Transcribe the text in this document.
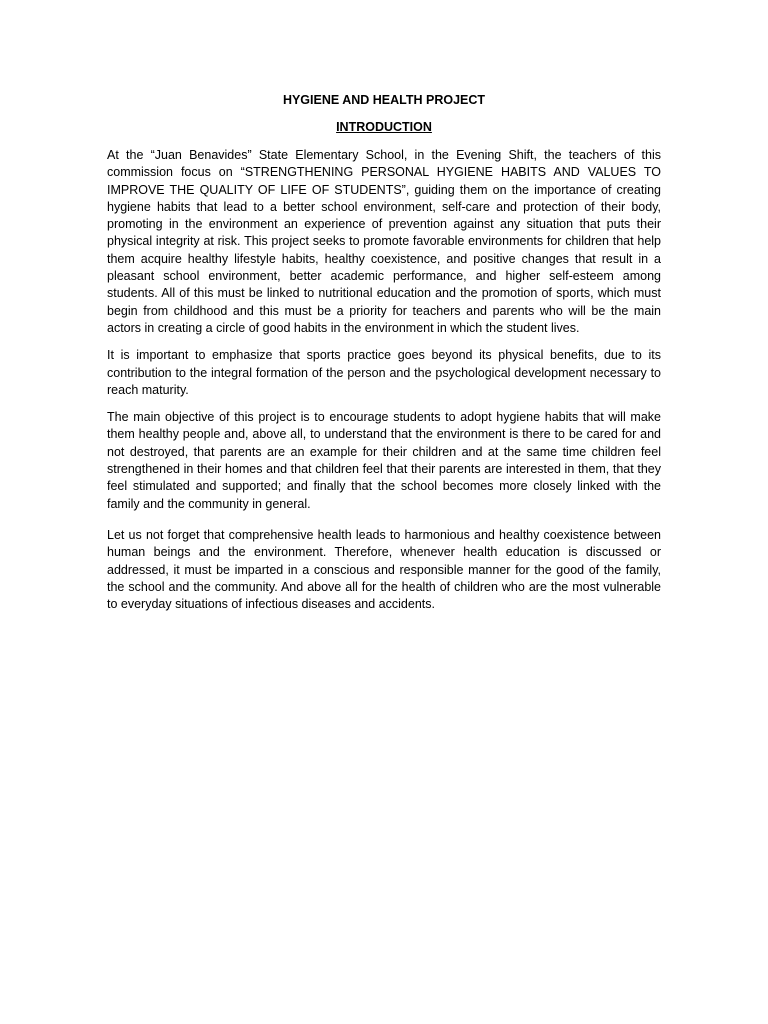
HYGIENE AND HEALTH PROJECT
INTRODUCTION

At the “Juan Benavides” State Elementary School, in the Evening Shift, the teachers of this commission focus on “STRENGTHENING PERSONAL HYGIENE HABITS AND VALUES TO IMPROVE THE QUALITY OF LIFE OF STUDENTS”, guiding them on the importance of creating hygiene habits that lead to a better school environment, self-care and protection of their body, promoting in the environment an experience of prevention against any situation that puts their physical integrity at risk. This project seeks to promote favorable environments for children that help them acquire healthy lifestyle habits, healthy coexistence, and positive changes that result in a pleasant school environment, better academic performance, and higher self-esteem among students. All of this must be linked to nutritional education and the promotion of sports, which must begin from childhood and this must be a priority for teachers and parents who will be the main actors in creating a circle of good habits in the environment in which the student lives.

It is important to emphasize that sports practice goes beyond its physical benefits, due to its contribution to the integral formation of the person and the psychological development necessary to reach maturity.

The main objective of this project is to encourage students to adopt hygiene habits that will make them healthy people and, above all, to understand that the environment is there to be cared for and not destroyed, that parents are an example for their children and at the same time children feel strengthened in their homes and that children feel that their parents are interested in them, that they feel stimulated and supported; and finally that the school becomes more closely linked with the family and the community in general.

Let us not forget that comprehensive health leads to harmonious and healthy coexistence between human beings and the environment. Therefore, whenever health education is discussed or addressed, it must be imparted in a conscious and responsible manner for the good of the family, the school and the community. And above all for the health of children who are the most vulnerable to everyday situations of infectious diseases and accidents.
